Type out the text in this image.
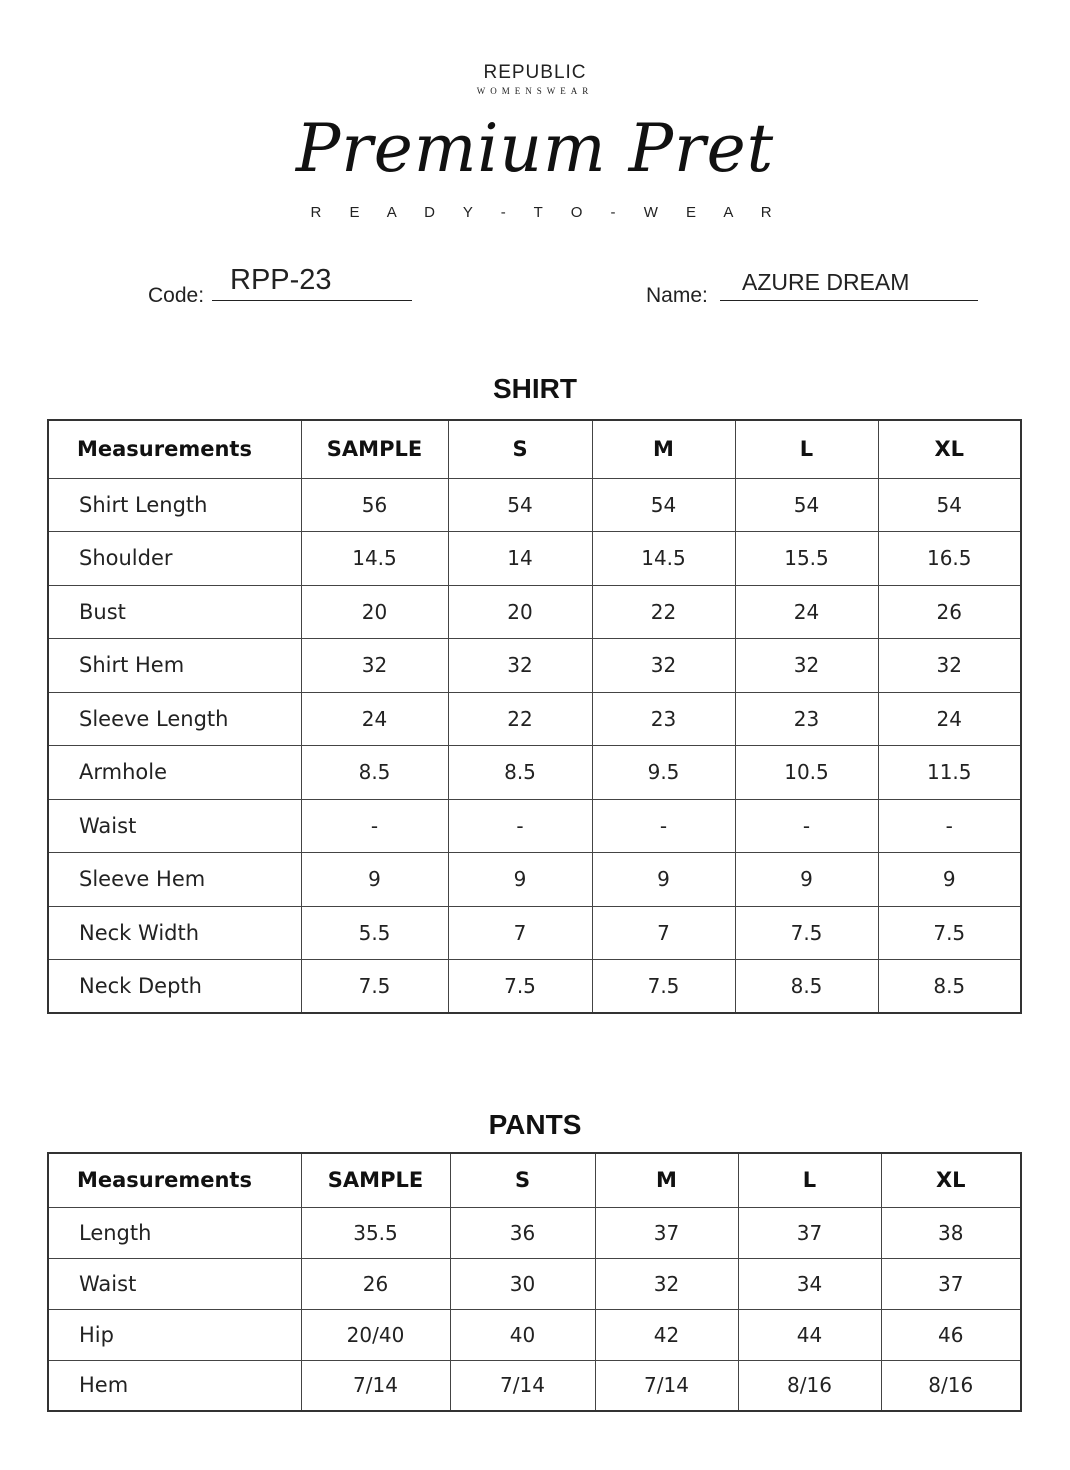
REPUBLIC
WOMENSWEAR
Premium Pret
R E A D Y - T O - W E A R
Code: RPP-23	Name:
AZURE DREAM
SHIRT
Measurements	SAMPLE	S	M	L	XL
Shirt Length	56	54	54	54	54
Shoulder	14.5	14	14.5	15.5	16.5
Bust	20	20	22	24	26
Shirt Hem	32	32	32	32	32
Sleeve Length	24	22	23	23	24
Armhole	8.5	8.5	9.5	10.5	11.5
Waist	-	-	-	-	-
Sleeve Hem	9	9	9	9	9
Neck Width	5.5	7	7	7.5	7.5
Neck Depth	7.5	7.5	7.5	8.5	8.5
PANTS
Measurements	SAMPLE	S	M	L	XL
Length	35.5	36	37	37	38
Waist	26	30	32	34	37
Hip	20/40	40	42	44	46
Hem	7/14	7/14	7/14	8/16	8/16
